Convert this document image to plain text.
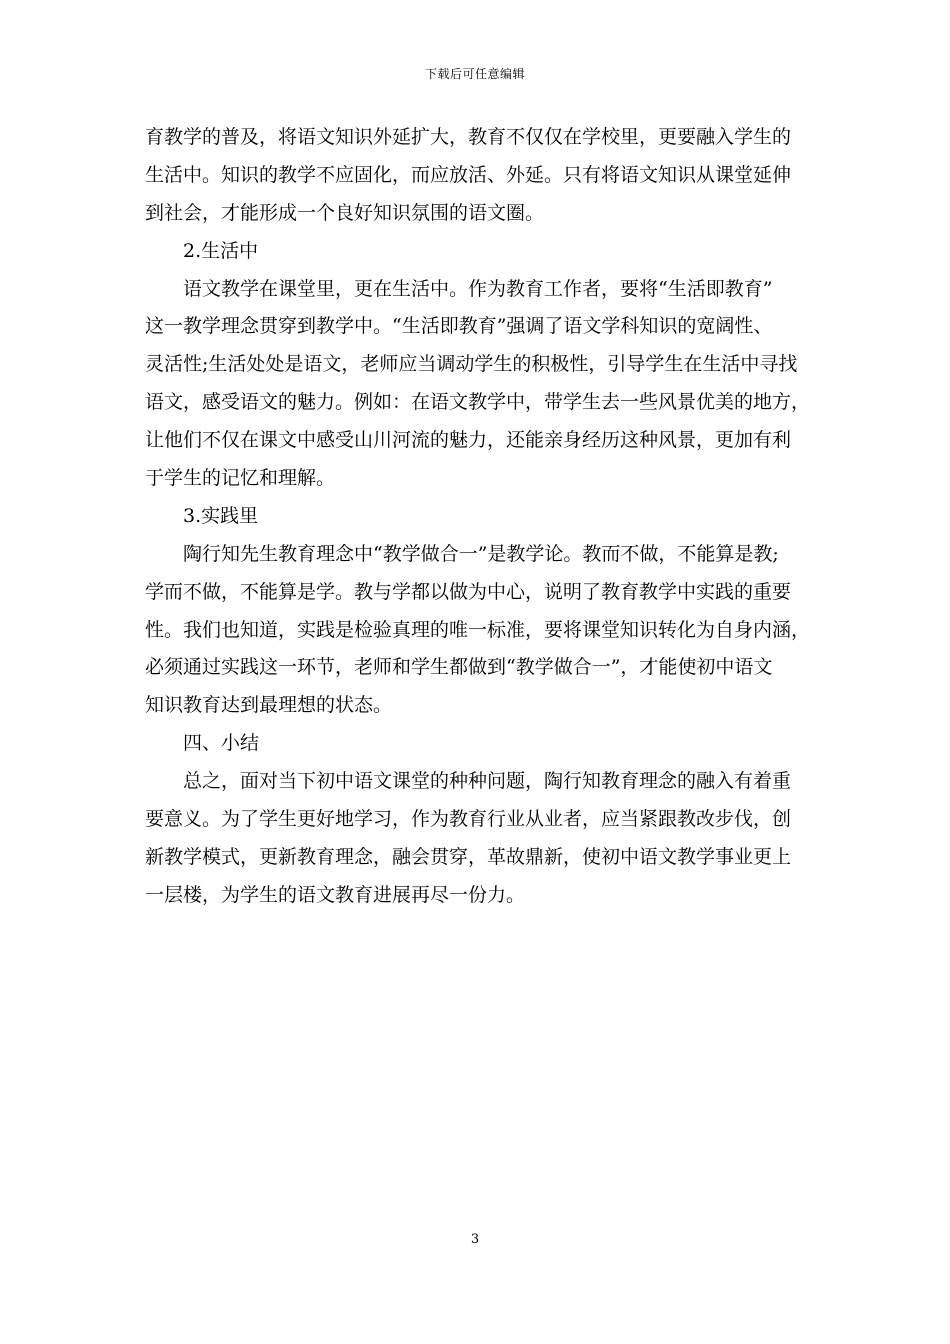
下载后可任意编辑
育教学的普及，将语文知识外延扩大，教育不仅仅在学校里，更要融入学生的
生活中。知识的教学不应固化，而应放活、外延。只有将语文知识从课堂延伸
到社会，才能形成一个良好知识氛围的语文圈。
2.生活中
语文教学在课堂里，更在生活中。作为教育工作者，要将“生活即教育”
这一教学理念贯穿到教学中。“生活即教育”强调了语文学科知识的宽阔性、
灵活性;生活处处是语文，老师应当调动学生的积极性，引导学生在生活中寻找
语文，感受语文的魅力。例如：在语文教学中，带学生去一些风景优美的地方，
让他们不仅在课文中感受山川河流的魅力，还能亲身经历这种风景，更加有利
于学生的记忆和理解。
3.实践里
陶行知先生教育理念中“教学做合一”是教学论。教而不做，不能算是教;
学而不做，不能算是学。教与学都以做为中心，说明了教育教学中实践的重要
性。我们也知道，实践是检验真理的唯一标准，要将课堂知识转化为自身内涵，
必须通过实践这一环节，老师和学生都做到“教学做合一”，才能使初中语文
知识教育达到最理想的状态。
四、小结
总之，面对当下初中语文课堂的种种问题，陶行知教育理念的融入有着重
要意义。为了学生更好地学习，作为教育行业从业者，应当紧跟教改步伐，创
新教学模式，更新教育理念，融会贯穿，革故鼎新，使初中语文教学事业更上
一层楼，为学生的语文教育进展再尽一份力。
3
